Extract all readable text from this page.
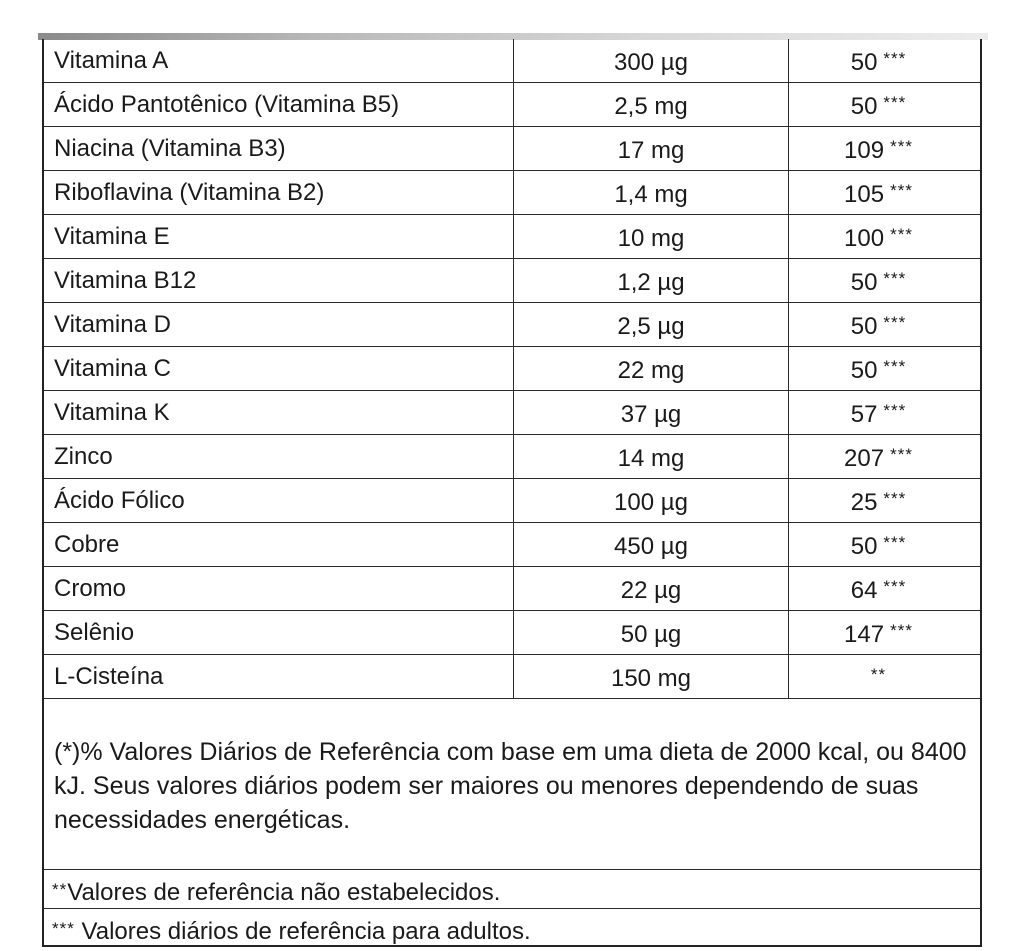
Vitamina A	300 µg	50 ***
Ácido Pantotênico (Vitamina B5)	2,5 mg	50 ***
Niacina (Vitamina B3)	17 mg	109 ***
Riboflavina (Vitamina B2)	1,4 mg	105 ***
Vitamina E	10 mg	100 ***
Vitamina B12	1,2 µg	50 ***
Vitamina D	2,5 µg	50 ***
Vitamina C	22 mg	50 ***
Vitamina K	37 µg	57 ***
Zinco	14 mg	207 ***
Ácido Fólico	100 µg	25 ***
Cobre	450 µg	50 ***
Cromo	22 µg	64 ***
Selênio	50 µg	147 ***
L-Cisteína	150 mg	**
(*)% Valores Diários de Referência com base em uma dieta de 2000 kcal, ou 8400 kJ. Seus valores diários podem ser maiores ou menores dependendo de suas necessidades energéticas.
**Valores de referência não estabelecidos.
*** Valores diários de referência para adultos.
